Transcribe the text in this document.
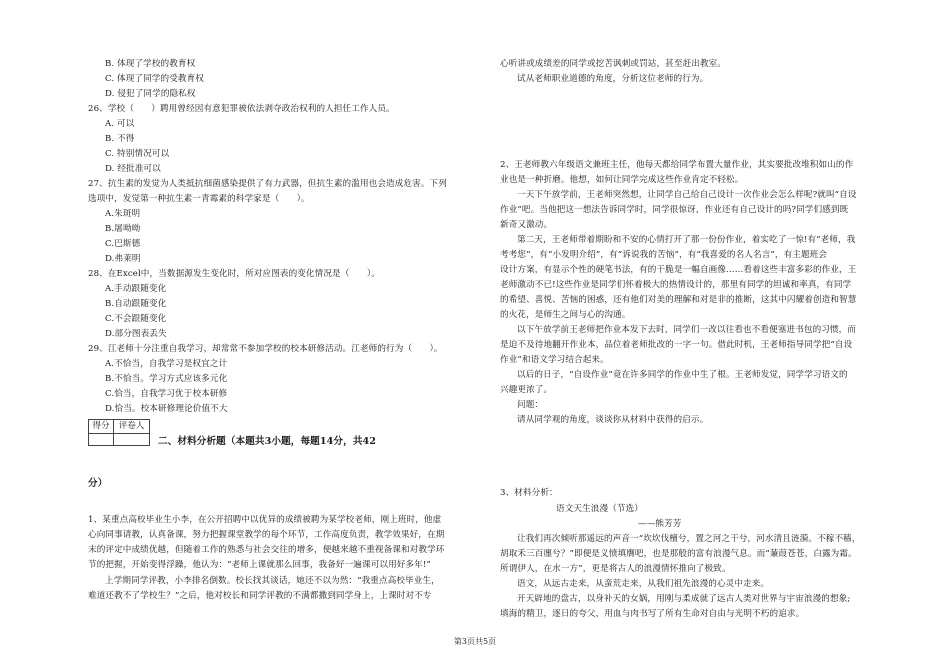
B. 体现了学校的教育权
C. 体现了同学的受教育权
D. 侵犯了同学的隐私权
26、学校（　　）聘用曾经因有意犯罪被依法剥夺政治权利的人担任工作人员。
A. 可以
B. 不得
C. 特别情况可以
D. 经批准可以
27、抗生素的发觉为人类抵抗细菌感染提供了有力武器，但抗生素的滥用也会造成危害。下列
选项中，发觉第一种抗生素一青霉素的科学家是（　　）。
A.朱斑明
B.屠呦呦
C.巴斯德
D.弗莱明
28、在Excel中，当数据源发生变化时，所对应图表的变化情况是（　　）。
A.手动跟随变化
B.自动跟随变化
C.不会跟随变化
D.部分图表丢失
29、江老师十分注重自我学习，却常常不参加学校的校本研修活动。江老师的行为（　　）。
A.不恰当，自我学习是权宜之计
B.不恰当。学习方式应该多元化
C.恰当，自我学习优于校本研修
D.恰当。校本研修理论价值不大
二、材料分析题（本题共3小题，每题14分，共42
分）
1、某重点高校毕业生小李，在公开招聘中以优异的成绩被聘为某学校老师，刚上班时，他虚
心向同事请教，认真备课，努力把握课堂教学的每个环节，工作高度负责，教学效果好，在期
末的评定中成绩优越，但随着工作的熟悉与社会交往的增多，便越来越不重视备课和对教学环
节的把握，开始变得浮躁，他认为：“老师上课就那么回事，我备好一遍课可以用好多年!”
上学期同学评教，小李排名倒数。校长找其谈话，她还不以为然：“我重点高校毕业生，
难道还教不了学校生？”之后，他对校长和同学评教的不满都撒到同学身上，上课时对不专
得分	评卷人
心听讲或成绩差的同学或挖苦讽刺或罚站，甚至赶出教室。
试从老师职业道德的角度，分析这位老师的行为。
2、王老师教六年级语文兼班主任，他每天都给同学布置大量作业，其实要批改堆积如山的作
业也是一种折磨。他想，如何让同学完成这些作业肯定不轻松。
一天下午放学前，王老师突然想，让同学自己给自己设计一次作业会怎么样呢?就叫“自设
作业”吧。当他把这一想法告诉同学时，同学很惊讶，作业还有自己设计的吗?同学们感到既
新奇又激动。
第二天，王老师带着期盼和不安的心情打开了那一份份作业，着实吃了一惊!有“老师，我
考考您”，有“小发明介绍”，有“诉说我的苦恼”，有“我喜爱的名人名言”，有主题班会
设计方案，有显示个性的硬笔书法，有的干脆是一幅自画像……看着这些丰富多彩的作业，王
老师激动不已!这些作业是同学们怀着极大的热情设计的，那里有同学的坦诚和率真，有同学
的希望、喜悦、苦恼的困惑，还有他们对美的理解和对是非的推断，这其中闪耀着创造和智慧
的火花，是师生之间与心的沟通。
以下午放学前王老师把作业本发下去时，同学们一改以往看也不看便塞进书包的习惯，而
是迫不及待地翻开作业本，品位着老师批改的一字一句。借此时机，王老师指导同学把“自设
作业”和语文学习结合起来。
以后的日子，“自设作业”竟在许多同学的作业中生了根。王老师发觉，同学学习语文的
兴趣更浓了。
问题：
请从同学观的角度，谈谈你从材料中获得的启示。
3、材料分析：
语文天生浪漫（节选）
——熊芳芳
让我们再次倾听那遥远的声音一“坎坎伐檀兮，置之河之干兮，河水清且涟漪。不稼不穑，
胡取禾三百廛兮？”即便是义愤填膺吧，也是那般的富有浪漫气息。而“蒹葭苍苍，白露为霜。
所谓伊人，在水一方”，更是将古人的浪漫情怀推向了极致。
语文，从远古走来，从蛮荒走来，从我们祖先浪漫的心灵中走来。
开天辟地的盘古，以身补天的女娲，用刚与柔成就了远古人类对世界与宇宙浪漫的想象;
填海的精卫，逐日的夸父，用血与肉书写了所有生命对自由与光明不朽的追求。
第3页共5页
